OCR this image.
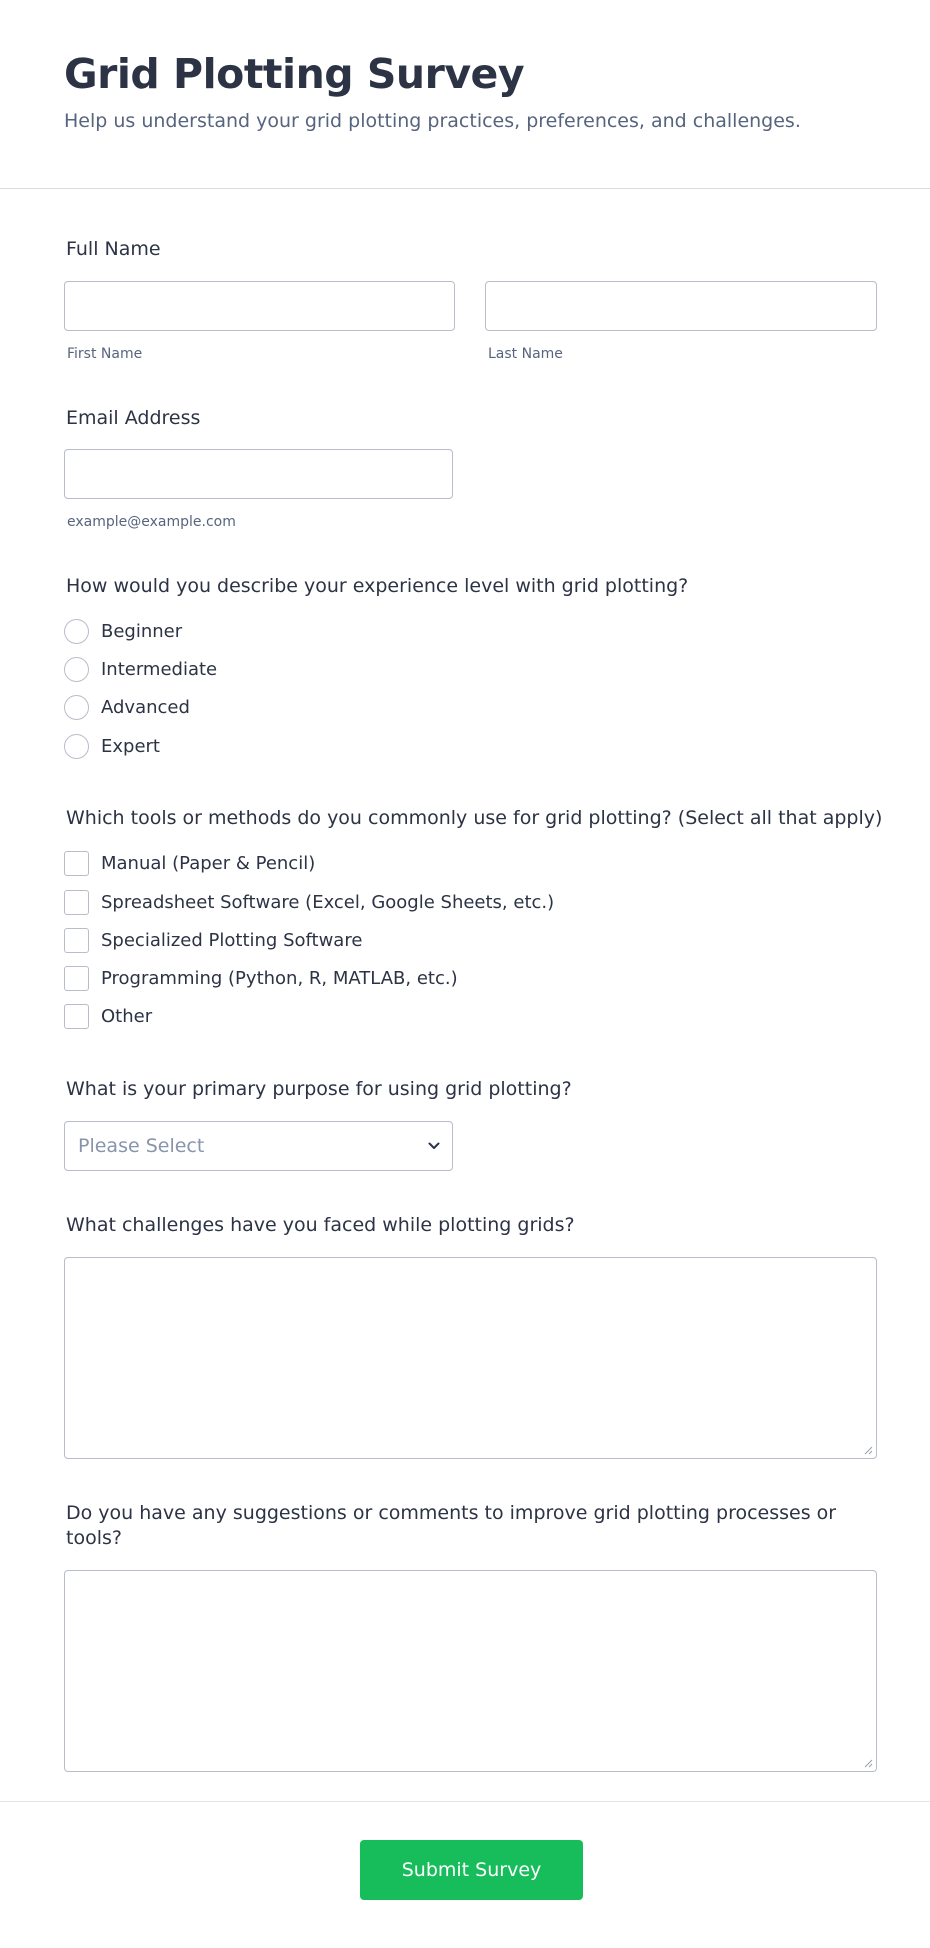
Grid Plotting Survey
Help us understand your grid plotting practices, preferences, and challenges.
Full Name
First Name	Last Name
Email Address
example@example.com
How would you describe your experience level with grid plotting?
Beginner
Intermediate
Advanced
Expert
Which tools or methods do you commonly use for grid plotting? (Select all that apply)
Manual (Paper & Pencil)
Spreadsheet Software (Excel, Google Sheets, etc.)
Specialized Plotting Software
Programming (Python, R, MATLAB, etc.)
Other
What is your primary purpose for using grid plotting?
Please Select
What challenges have you faced while plotting grids?
Do you have any suggestions or comments to improve grid plotting processes or
tools?
Submit Survey
